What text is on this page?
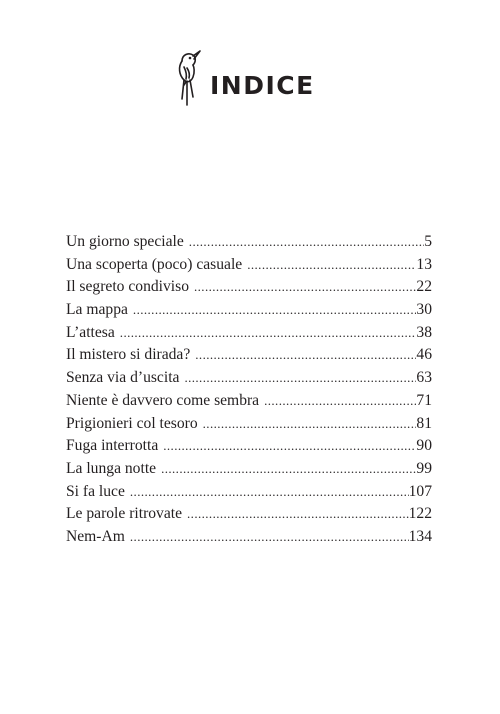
INDICE
Un giorno speciale .....	5
Una scoperta (poco) casuale .....	13
Il segreto condiviso .....	22
La mappa .....	30
L’attesa .....	38
Il mistero si dirada? .....	46
Senza via d’uscita .....	63
Niente è davvero come sembra .....	71
Prigionieri col tesoro .....	81
Fuga interrotta .....	90
La lunga notte .....	99
Si fa luce .....	107
Le parole ritrovate .....	122
Nem-Am .....	134
